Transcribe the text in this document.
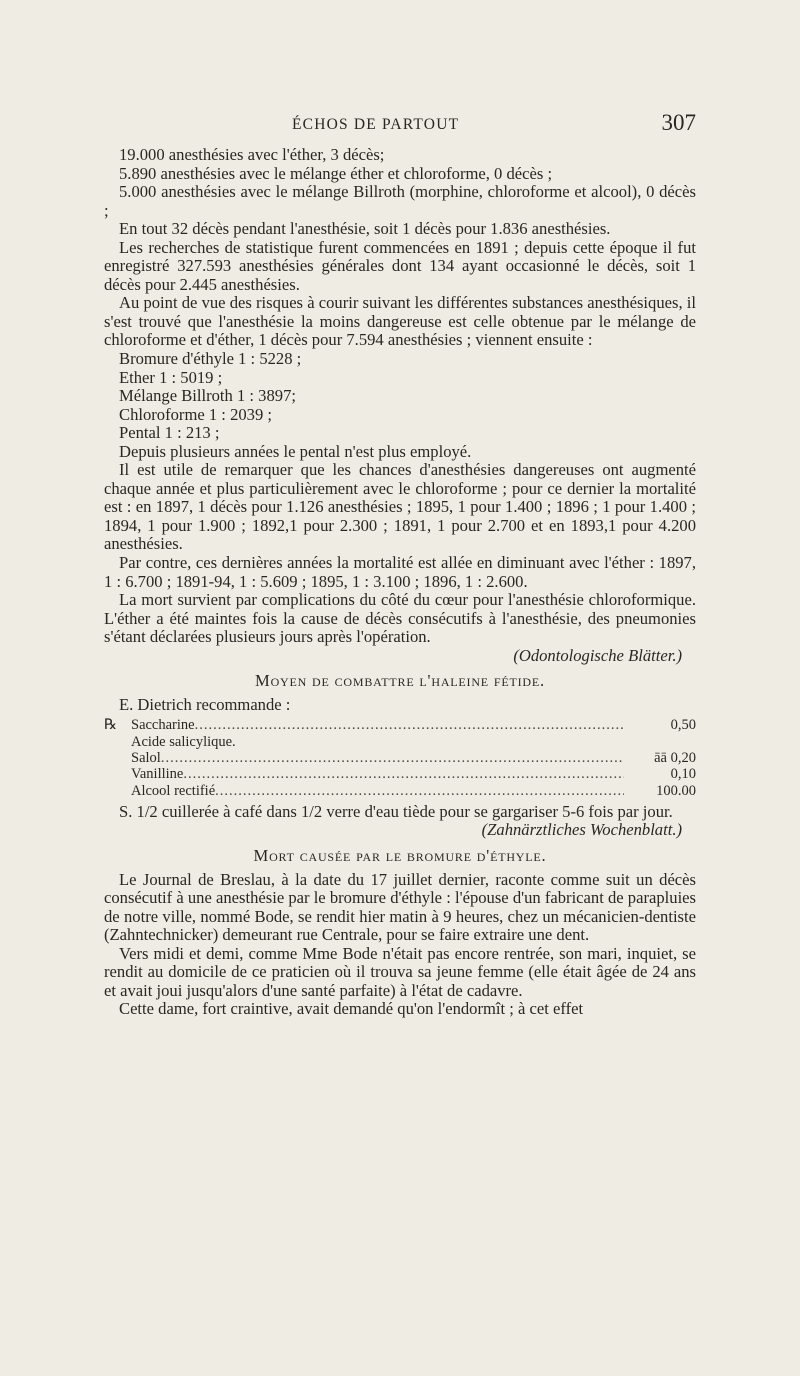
ÉCHOS DE PARTOUT	307

19.000 anesthésies avec l'éther, 3 décès;

5.890 anesthésies avec le mélange éther et chloroforme, 0 décès ;

5.000 anesthésies avec le mélange Billroth (morphine, chloroforme et alcool), 0 décès ;

En tout 32 décès pendant l'anesthésie, soit 1 décès pour 1.836 anesthésies.

Les recherches de statistique furent commencées en 1891 ; depuis cette époque il fut enregistré 327.593 anesthésies générales dont 134 ayant occasionné le décès, soit 1 décès pour 2.445 anesthésies.

Au point de vue des risques à courir suivant les différentes substances anesthésiques, il s'est trouvé que l'anesthésie la moins dangereuse est celle obtenue par le mélange de chloroforme et d'éther, 1 décès pour 7.594 anesthésies ; viennent ensuite :

Bromure d'éthyle 1 : 5228 ;

Ether 1 : 5019 ;

Mélange Billroth 1 : 3897;

Chloroforme 1 : 2039 ;

Pental 1 : 213 ;

Depuis plusieurs années le pental n'est plus employé.

Il est utile de remarquer que les chances d'anesthésies dangereuses ont augmenté chaque année et plus particulièrement avec le chloroforme ; pour ce dernier la mortalité est : en 1897, 1 décès pour 1.126 anesthésies ; 1895, 1 pour 1.400 ; 1896 ; 1 pour 1.400 ; 1894, 1 pour 1.900 ; 1892,1 pour 2.300 ; 1891, 1 pour 2.700 et en 1893,1 pour 4.200 anesthésies.

Par contre, ces dernières années la mortalité est allée en diminuant avec l'éther : 1897, 1 : 6.700 ; 1891-94, 1 : 5.609 ; 1895, 1 : 3.100 ; 1896, 1 : 2.600.

La mort survient par complications du côté du cœur pour l'anesthésie chloroformique. L'éther a été maintes fois la cause de décès consécutifs à l'anesthésie, des pneumonies s'étant déclarées plusieurs jours après l'opération.

(Odontologische Blätter.)

Moyen de combattre l'haleine fétide.

E. Dietrich recommande :

℞ Saccharine .....	0,50
Acide salicylique.
Salol .....	āā 0,20
Vanilline .....	0,10
Alcool rectifié .....	100.00

S. 1/2 cuillerée à café dans 1/2 verre d'eau tiède pour se gargariser 5-6 fois par jour.

(Zahnärztliches Wochenblatt.)

Mort causée par le bromure d'éthyle.

Le Journal de Breslau, à la date du 17 juillet dernier, raconte comme suit un décès consécutif à une anesthésie par le bromure d'éthyle : l'épouse d'un fabricant de parapluies de notre ville, nommé Bode, se rendit hier matin à 9 heures, chez un mécanicien-dentiste (Zahntechnicker) demeurant rue Centrale, pour se faire extraire une dent.

Vers midi et demi, comme Mme Bode n'était pas encore rentrée, son mari, inquiet, se rendit au domicile de ce praticien où il trouva sa jeune femme (elle était âgée de 24 ans et avait joui jusqu'alors d'une santé parfaite) à l'état de cadavre.

Cette dame, fort craintive, avait demandé qu'on l'endormît ; à cet effet
